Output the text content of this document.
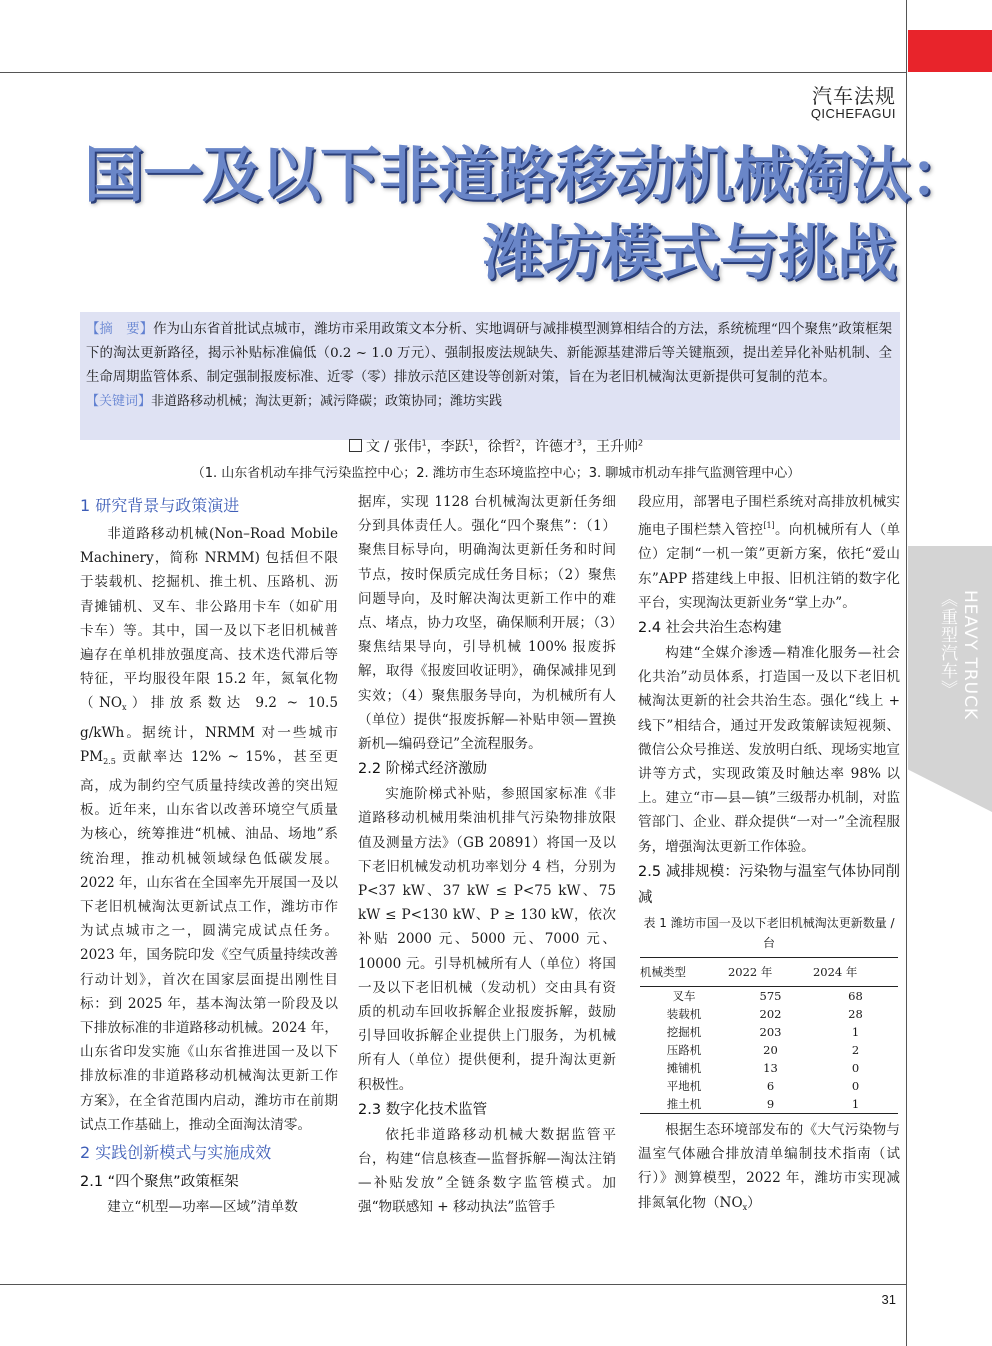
汽车法规
QICHEFAGUI
国一及以下非道路移动机械淘汰：
潍坊模式与挑战

【摘　要】作为山东省首批试点城市，潍坊市采用政策文本分析、实地调研与减排模型测算相结合的方法，系统梳理“四个聚焦”政策框架下的淘汰更新路径，揭示补贴标准偏低（0.2 ~ 1.0 万元）、强制报废法规缺失、新能源基建滞后等关键瓶颈，提出差异化补贴机制、全生命周期监管体系、制定强制报废标准、近零（零）排放示范区建设等创新对策，旨在为老旧机械淘汰更新提供可复制的范本。

【关键词】非道路移动机械；淘汰更新；减污降碳；政策协同；潍坊实践

文 / 张伟$^1$，李跃$^1$，徐哲$^2$，许德才$^3$，王升帅$^2$
（1. 山东省机动车排气污染监控中心；2. 潍坊市生态环境监控中心；3. 聊城市机动车排气监测管理中心）
1 研究背景与政策演进

非道路移动机械(Non–Road Mobile Machinery，简称 NRMM) 包括但不限于装载机、挖掘机、推土机、压路机、沥青摊铺机、叉车、非公路用卡车（如矿用卡车）等。其中，国一及以下老旧机械普遍存在单机排放强度高、技术迭代滞后等特征，平均服役年限 15.2 年，氮氧化物$(NO_x)$排放系数达 9.2 ~ 10.5 g/kWh。据统计，NRMM 对一些城市 $PM_{2.5}$ 贡献率达 12% ~ 15%，甚至更高，成为制约空气质量持续改善的突出短板。近年来，山东省以改善环境空气质量为核心，统筹推进“机械、油品、场地”系统治理，推动机械领域绿色低碳发展。2022 年，山东省在全国率先开展国一及以下老旧机械淘汰更新试点工作，潍坊市作为试点城市之一，圆满完成试点任务。2023 年，国务院印发《空气质量持续改善行动计划》，首次在国家层面提出刚性目标：到 2025 年，基本淘汰第一阶段及以下排放标准的非道路移动机械。2024 年，山东省印发实施《山东省推进国一及以下排放标准的非道路移动机械淘汰更新工作方案》，在全省范围内启动，潍坊市在前期试点工作基础上，推动全面淘汰清零。

2 实践创新模式与实施成效
2.1 “四个聚焦”政策框架

建立“机型—功率—区域”清单数

据库，实现 1128 台机械淘汰更新任务细分到具体责任人。强化“四个聚焦”：（1）聚焦目标导向，明确淘汰更新任务和时间节点，按时保质完成任务目标；（2）聚焦问题导向，及时解决淘汰更新工作中的难点、堵点，协力攻坚，确保顺利开展；（3）聚焦结果导向，引导机械 100% 报废拆解，取得《报废回收证明》，确保减排见到实效；（4）聚焦服务导向，为机械所有人（单位）提供“报废拆解—补贴申领—置换新机—编码登记”全流程服务。

2.2 阶梯式经济激励

实施阶梯式补贴，参照国家标准《非道路移动机械用柴油机排气污染物排放限值及测量方法》（GB 20891）将国一及以下老旧机械发动机功率划分 4 档，分别为 P<37 kW、37 kW ≤ P<75 kW、75 kW ≤ P<130 kW、P ≥ 130 kW，依次补贴 2000 元、5000 元、7000 元、10000 元。引导机械所有人（单位）将国一及以下老旧机械（发动机）交由具有资质的机动车回收拆解企业报废拆解，鼓励引导回收拆解企业提供上门服务，为机械所有人（单位）提供便利，提升淘汰更新积极性。

2.3 数字化技术监管

依托非道路移动机械大数据监管平台，构建“信息核查—监督拆解—淘汰注销—补贴发放”全链条数字监管模式。加强“物联感知 + 移动执法”监管手

段应用，部署电子围栏系统对高排放机械实施电子围栏禁入管控[1]。向机械所有人（单位）定制“一机一策”更新方案，依托“爱山东”APP 搭建线上申报、旧机注销的数字化平台，实现淘汰更新业务“掌上办”。

2.4 社会共治生态构建

构建“全媒介渗透—精准化服务—社会化共治”动员体系，打造国一及以下老旧机械淘汰更新的社会共治生态。强化“线上 + 线下”相结合，通过开发政策解读短视频、微信公众号推送、发放明白纸、现场实地宣讲等方式，实现政策及时触达率 98% 以上。建立“市—县—镇”三级帮办机制，对监管部门、企业、群众提供“一对一”全流程服务，增强淘汰更新工作体验。

2.5 减排规模：污染物与温室气体协同削减
表 1 潍坊市国一及以下老旧机械淘汰更新数量 / 台
机械类型	2022 年	2024 年
叉车	575	68
装载机	202	28
挖掘机	203	1
压路机	20	2
摊铺机	13	0
平地机	6	0
推土机	9	1

根据生态环境部发布的《大气污染物与温室气体融合排放清单编制技术指南（试行）》测算模型，2022 年，潍坊市实现减排氮氧化物$(NO_x)$

HEAVY TRUCK
《重型汽车》
31
